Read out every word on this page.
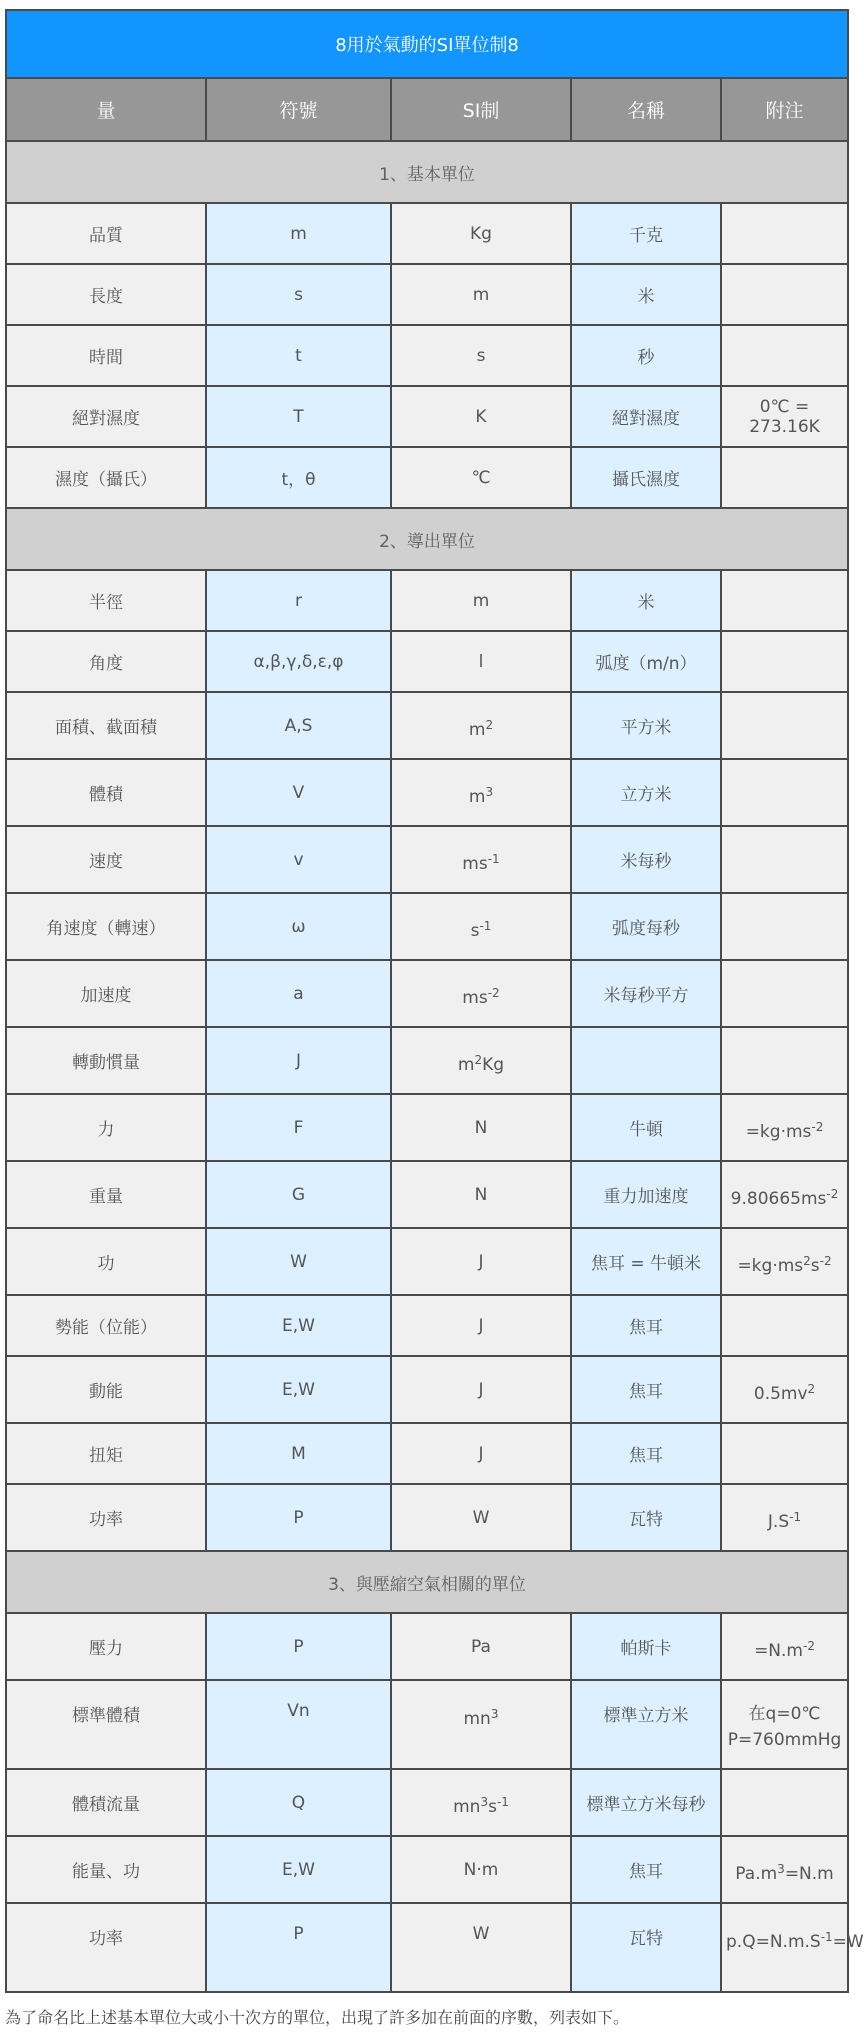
8用於氣動的SI單位制8				
量	符號	SI制	名稱	附注
1、基本單位				
品質	m	Kg	千克	
長度	s	m	米	
時間	t	s	秒	
絕對濕度	T	K	絕對濕度	0℃ = 273.16K
濕度（攝氏）	t，θ	℃	攝氏濕度	
2、導出單位				
半徑	r	m	米	
角度	α,β,γ,δ,ε,φ	l	弧度（m/n）	
面積、截面積	A,S	$m^2$	平方米	
體積	V	$m^3$	立方米	
速度	v	$ms^{-1}$	米每秒	
角速度（轉速）	ω	$s^{-1}$	弧度每秒	
加速度	a	$ms^{-2}$	米每秒平方	
轉動慣量	J	$m^2Kg$		
力	F	N	牛頓	$=kg\cdot ms^{-2}$
重量	G	N	重力加速度	$9.80665ms^{-2}$
功	W	J	焦耳 = 牛頓米	$=kg\cdot ms^2s^{-2}$
勢能（位能）	E,W	J	焦耳	
動能	E,W	J	焦耳	$0.5mv^2$
扭矩	M	J	焦耳	
功率	P	W	瓦特	$J.S^{-1}$
3、與壓縮空氣相關的單位				
壓力	P	Pa	帕斯卡	$=N.m^{-2}$
標準體積	Vn	$mn^3$	標準立方米	在q=0℃
P=760mmHg

體積流量	Q	$mn^3s^{-1}$	標準立方米每秒	
能量、功	E,W	N·m	焦耳	$Pa.m^3=N.m$
功率	P	W	瓦特	$p.Q=N.m.S^{-1}=W$
為了命名比上述基本單位大或小十次方的單位，出現了許多加在前面的序數，列表如下。
